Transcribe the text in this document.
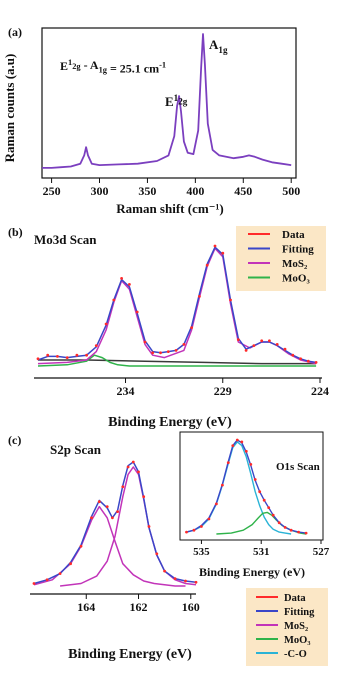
250 300 350 400 450 500
(a)
Raman counts (a.u)
Raman shift (cm⁻¹)
$E^1_{2g} - A_{1g} = 25.1$ $cm^{-1}$
$E^1_{2g}$
$A_{1g}$
234	229	224
(b) Mo3d Scan
Binding Energy (eV)
Data
Fitting
MoS₂
MoO₃
164	162	160
(c)
S2p Scan
Binding Energy (eV)
535	531	527
O1s Scan
Binding Energy (eV)
Data
Fitting
MoS₂
MoO₃
-C-O
